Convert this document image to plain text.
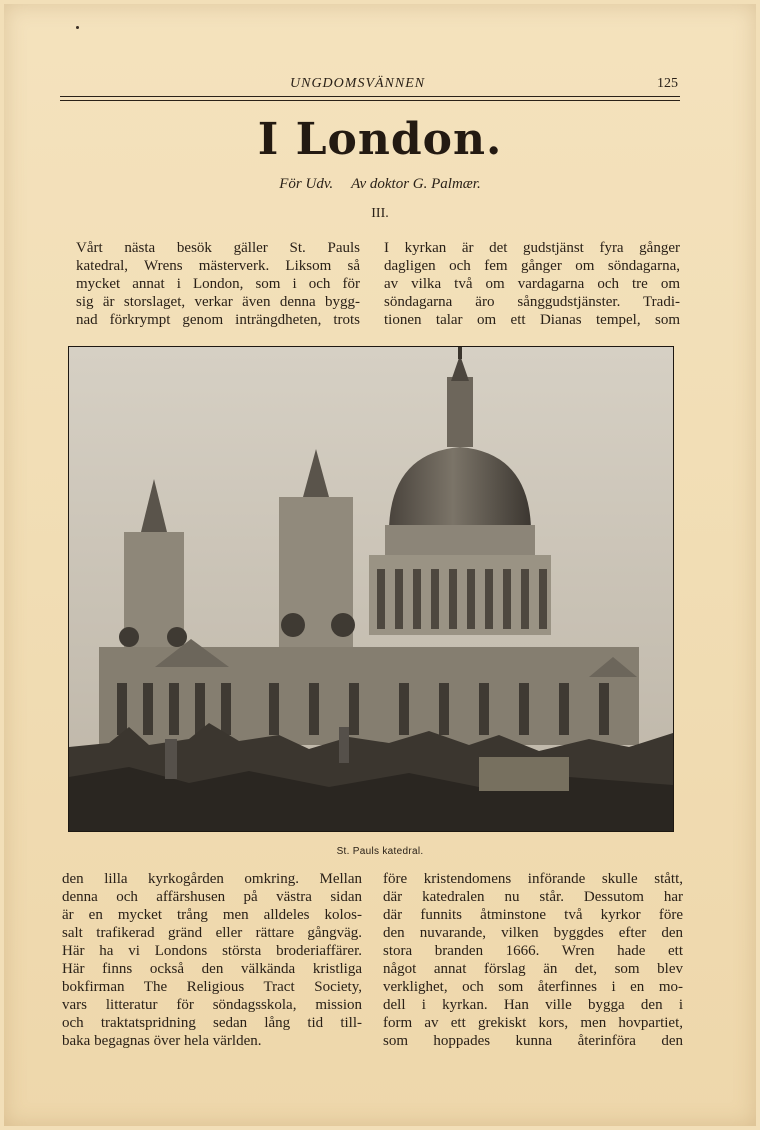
UNGDOMSVÄNNEN	125
I London.
För Udv. Av doktor G. Palmær.
III.
Vårt nästa besök gäller St. Pauls
katedral, Wrens mästerverk. Liksom så
mycket annat i London, som i och för
sig är storslaget, verkar även denna bygg-
nad förkrympt genom inträngdheten, trots
I kyrkan är det gudstjänst fyra gånger
dagligen och fem gånger om söndagarna,
av vilka två om vardagarna och tre om
söndagarna äro sånggudstjänster. Tradi-
tionen talar om ett Dianas tempel, som
St. Pauls katedral.
den lilla kyrkogården omkring. Mellan
denna och affärshusen på västra sidan
är en mycket trång men alldeles kolos-
salt trafikerad gränd eller rättare gångväg.
Här ha vi Londons största broderiaffärer.
Här finns också den välkända kristliga
bokfirman The Religious Tract Society,
vars litteratur för söndagsskola, mission
och traktatspridning sedan lång tid till-
baka begagnas över hela världen.
före kristendomens införande skulle stått,
där katedralen nu står. Dessutom har
där funnits åtminstone två kyrkor före
den nuvarande, vilken byggdes efter den
stora branden 1666. Wren hade ett
något annat förslag än det, som blev
verklighet, och som återfinnes i en mo-
dell i kyrkan. Han ville bygga den i
form av ett grekiskt kors, men hovpartiet,
som hoppades kunna återinföra den
